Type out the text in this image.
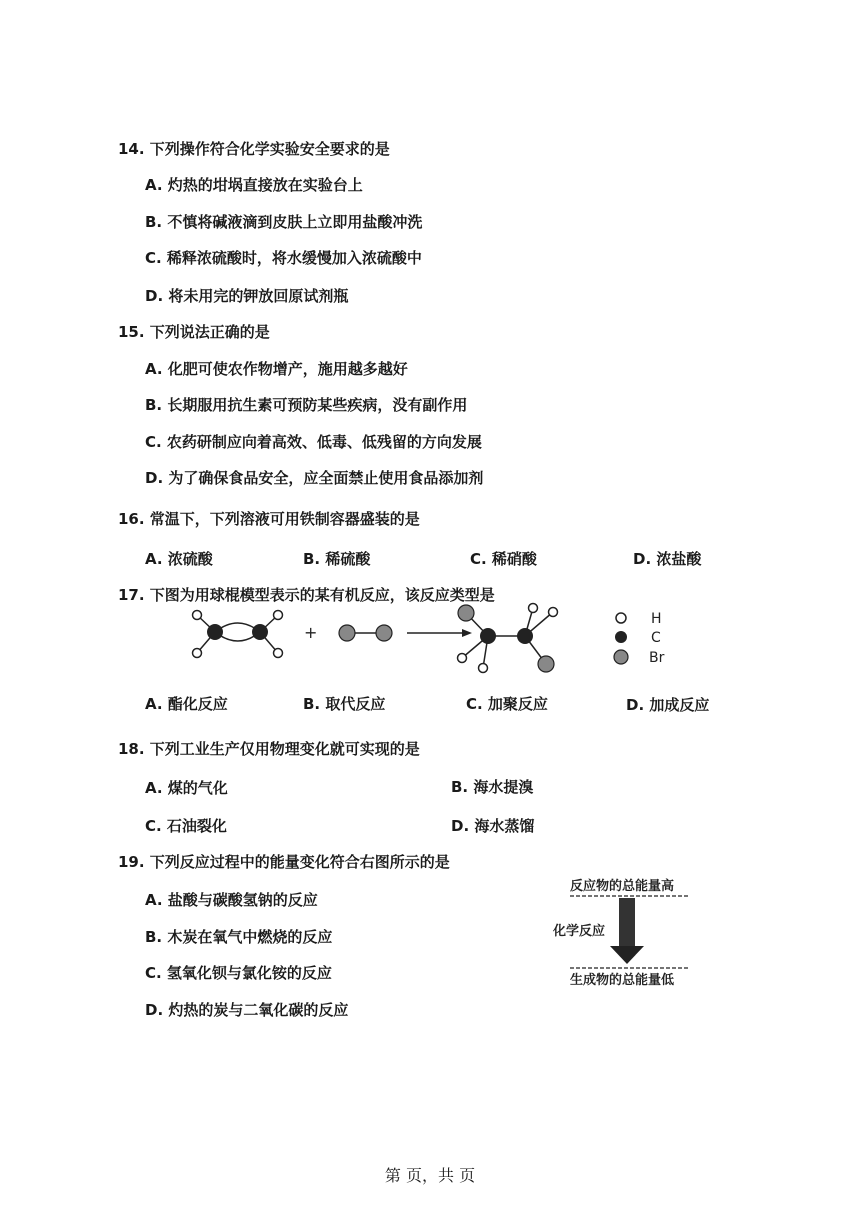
14. 下列操作符合化学实验安全要求的是
A. 灼热的坩埚直接放在实验台上
B. 不慎将碱液滴到皮肤上立即用盐酸冲洗
C. 稀释浓硫酸时，将水缓慢加入浓硫酸中
D. 将未用完的钾放回原试剂瓶
15. 下列说法正确的是
A. 化肥可使农作物增产，施用越多越好
B. 长期服用抗生素可预防某些疾病，没有副作用
C. 农药研制应向着高效、低毒、低残留的方向发展
D. 为了确保食品安全，应全面禁止使用食品添加剂
16. 常温下，下列溶液可用铁制容器盛装的是
A. 浓硫酸	B. 稀硫酸	C. 稀硝酸	D. 浓盐酸
17. 下图为用球棍模型表示的某有机反应，该反应类型是
+
H
C
Br
A. 酯化反应	B. 取代反应	C. 加聚反应	D. 加成反应
18. 下列工业生产仅用物理变化就可实现的是
A. 煤的气化	B. 海水提溴
C. 石油裂化	D. 海水蒸馏
19. 下列反应过程中的能量变化符合右图所示的是
A. 盐酸与碳酸氢钠的反应
B. 木炭在氧气中燃烧的反应
C. 氢氧化钡与氯化铵的反应
D. 灼热的炭与二氧化碳的反应
反应物的总能量高
化学反应
生成物的总能量低
第 页，共 页
